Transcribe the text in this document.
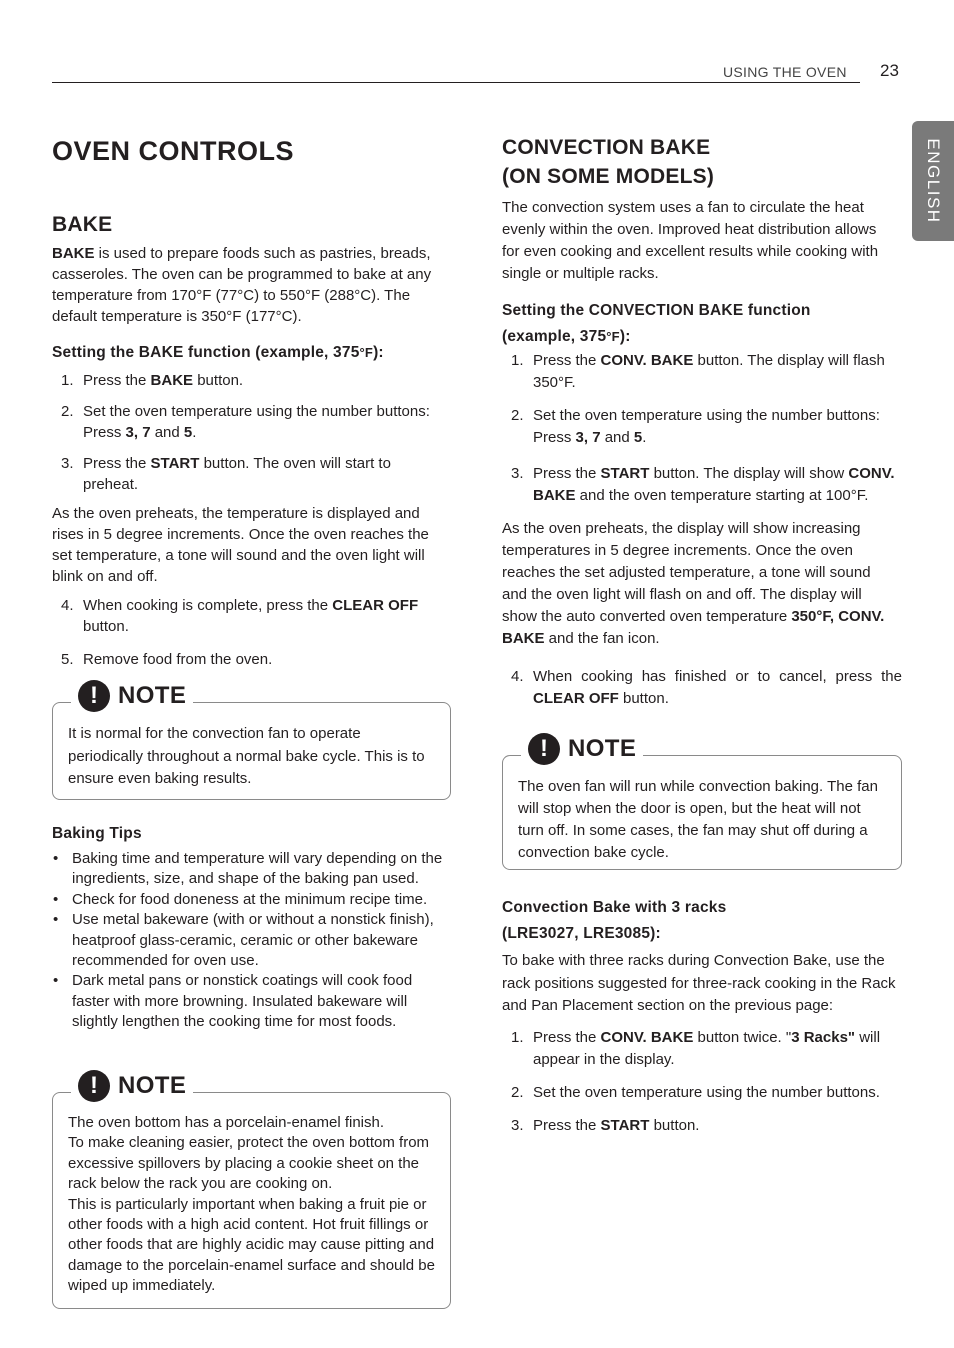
USING THE OVEN 23
ENGLISH
OVEN CONTROLS
BAKE

BAKE is used to prepare foods such as pastries, breads, casseroles. The oven can be programmed to bake at any temperature from 170°F (77°C) to 550°F (288°C). The default temperature is 350°F (177°C).

Setting the BAKE function (example, 375°F):
1. Press the BAKE button.
2. Set the oven temperature using the number buttons: Press 3, 7 and 5.
3. Press the START button. The oven will start to preheat.

As the oven preheats, the temperature is displayed and rises in 5 degree increments. Once the oven reaches the set temperature, a tone will sound and the oven light will blink on and off.

4. When cooking is complete, press the CLEAR OFF button.
5. Remove food from the oven.
! NOTE
It is normal for the convection fan to operate periodically throughout a normal bake cycle. This is to ensure even baking results.
Baking Tips
• Baking time and temperature will vary depending on the ingredients, size, and shape of the baking pan used.
• Check for food doneness at the minimum recipe time.
• Use metal bakeware (with or without a nonstick finish), heatproof glass-ceramic, ceramic or other bakeware recommended for oven use.
• Dark metal pans or nonstick coatings will cook food faster with more browning. Insulated bakeware will slightly lengthen the cooking time for most foods.
! NOTE
The oven bottom has a porcelain-enamel finish.
To make cleaning easier, protect the oven bottom from excessive spillovers by placing a cookie sheet on the rack below the rack you are cooking on.
This is particularly important when baking a fruit pie or other foods with a high acid content. Hot fruit fillings or other foods that are highly acidic may cause pitting and damage to the porcelain-enamel surface and should be wiped up immediately.
CONVECTION BAKE
(ON SOME MODELS)

The convection system uses a fan to circulate the heat evenly within the oven. Improved heat distribution allows for even cooking and excellent results while cooking with single or multiple racks.

Setting the CONVECTION BAKE function
(example, 375°F):
1. Press the CONV. BAKE button. The display will flash 350°F.
2. Set the oven temperature using the number buttons: Press 3, 7 and 5.
3. Press the START button. The display will show CONV. BAKE and the oven temperature starting at 100°F.

As the oven preheats, the display will show increasing temperatures in 5 degree increments. Once the oven reaches the set adjusted temperature, a tone will sound and the oven light will flash on and off. The display will show the auto converted oven temperature 350°F, CONV. BAKE and the fan icon.

4. When cooking has finished or to cancel, press the CLEAR OFF button.
! NOTE
The oven fan will run while convection baking. The fan will stop when the door is open, but the heat will not turn off. In some cases, the fan may shut off during a convection bake cycle.
Convection Bake with 3 racks
(LRE3027, LRE3085):

To bake with three racks during Convection Bake, use the rack positions suggested for three-rack cooking in the Rack and Pan Placement section on the previous page:

1. Press the CONV. BAKE button twice. "3 Racks" will appear in the display.
2. Set the oven temperature using the number buttons.
3. Press the START button.
